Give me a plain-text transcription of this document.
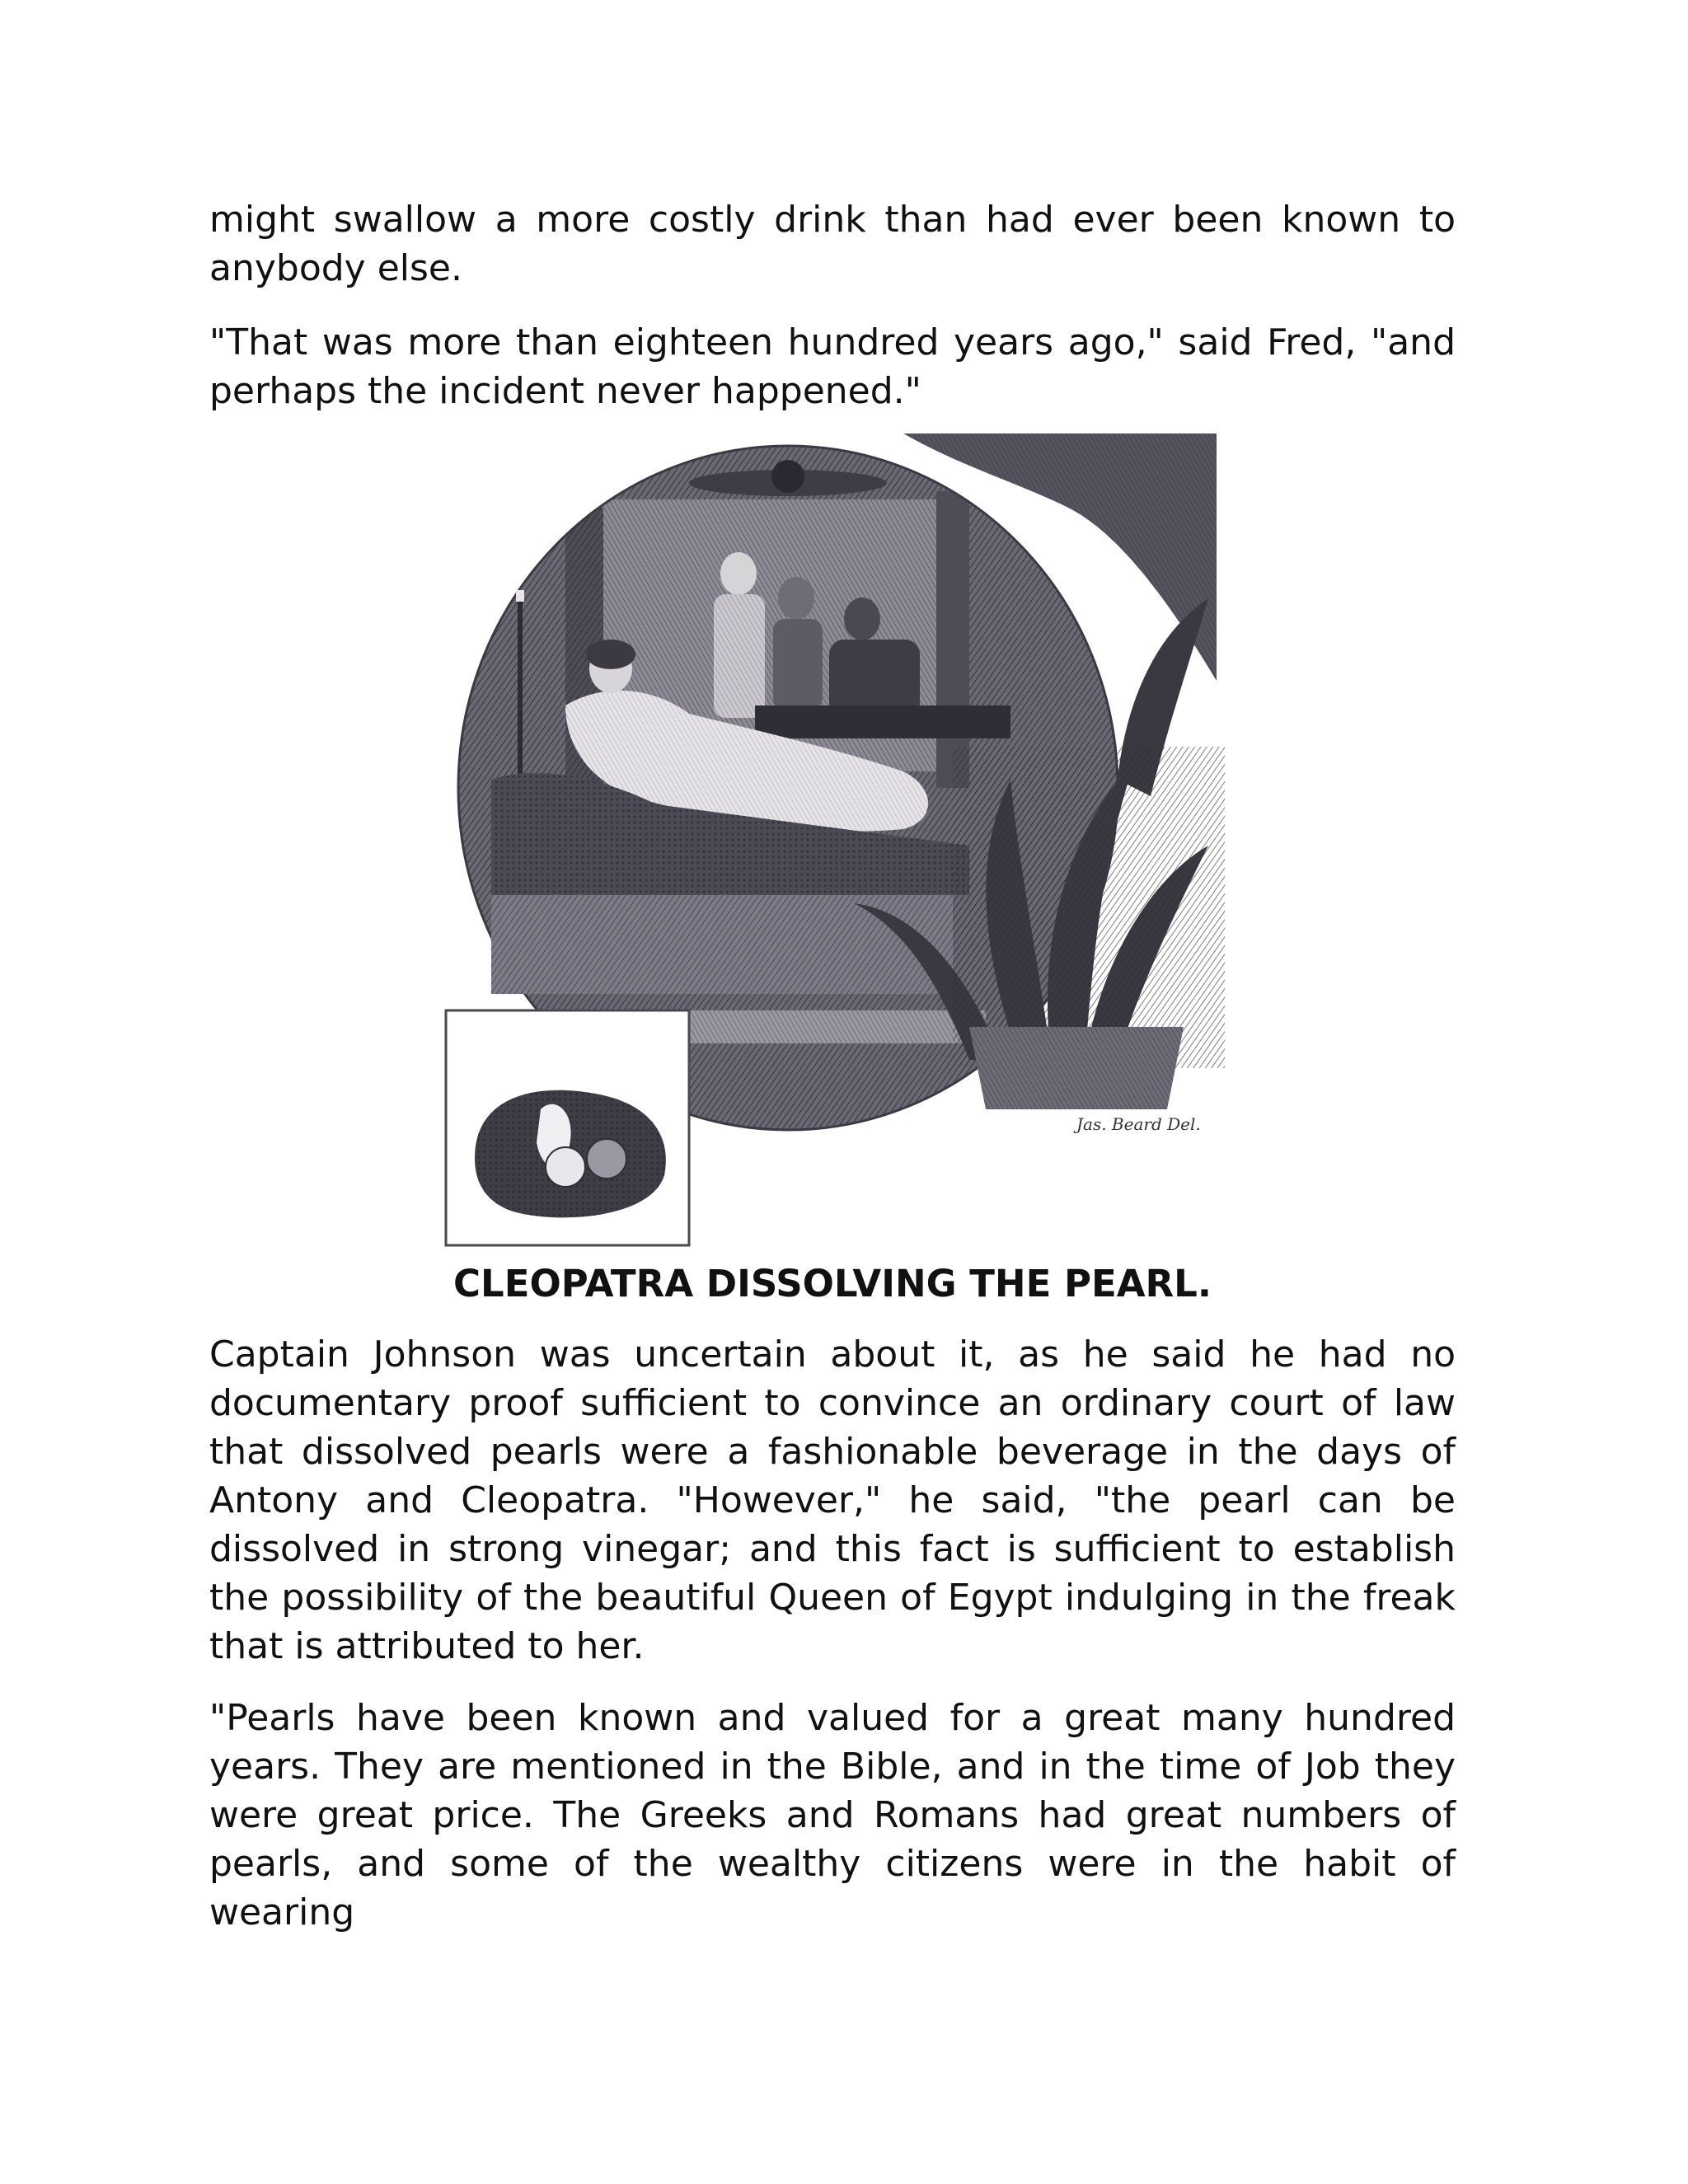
might swallow a more costly drink than had ever been known to anybody else.

"That was more than eighteen hundred years ago," said Fred, "and perhaps the incident never happened."

Jas. Beard Del.

CLEOPATRA DISSOLVING THE PEARL.

Captain Johnson was uncertain about it, as he said he had no documentary proof sufficient to convince an ordinary court of law that dissolved pearls were a fashionable beverage in the days of Antony and Cleopatra. "However," he said, "the pearl can be dissolved in strong vinegar; and this fact is sufficient to establish the possibility of the beautiful Queen of Egypt indulging in the freak that is attributed to her.

"Pearls have been known and valued for a great many hundred years. They are mentioned in the Bible, and in the time of Job they were great price. The Greeks and Romans had great numbers of pearls, and some of the wealthy citizens were in the habit of wearing
